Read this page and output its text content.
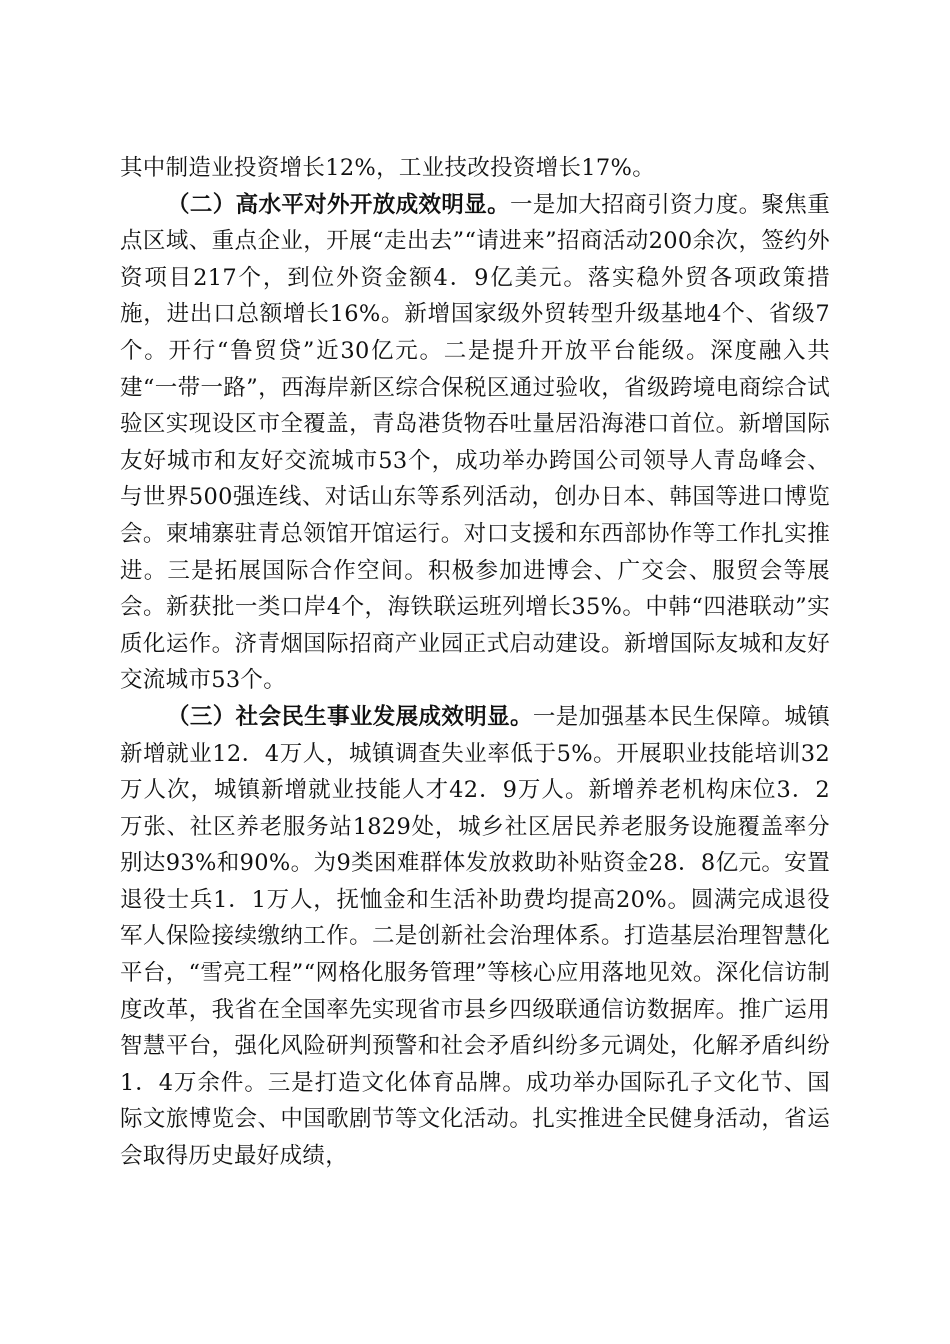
其中制造业投资增长12%，工业技改投资增长17%。

（二）高水平对外开放成效明显。一是加大招商引资力度。聚焦重点区域、重点企业，开展“走出去”“请进来”招商活动200余次，签约外资项目217个，到位外资金额4．9亿美元。落实稳外贸各项政策措施，进出口总额增长16%。新增国家级外贸转型升级基地4个、省级7个。开行“鲁贸贷”近30亿元。二是提升开放平台能级。深度融入共建“一带一路”，西海岸新区综合保税区通过验收，省级跨境电商综合试验区实现设区市全覆盖，青岛港货物吞吐量居沿海港口首位。新增国际友好城市和友好交流城市53个，成功举办跨国公司领导人青岛峰会、与世界500强连线、对话山东等系列活动，创办日本、韩国等进口博览会。柬埔寨驻青总领馆开馆运行。对口支援和东西部协作等工作扎实推进。三是拓展国际合作空间。积极参加进博会、广交会、服贸会等展会。新获批一类口岸4个，海铁联运班列增长35%。中韩“四港联动”实质化运作。济青烟国际招商产业园正式启动建设。新增国际友城和友好交流城市53个。

（三）社会民生事业发展成效明显。一是加强基本民生保障。城镇新增就业12．4万人，城镇调查失业率低于5%。开展职业技能培训32万人次，城镇新增就业技能人才42．9万人。新增养老机构床位3．2万张、社区养老服务站1829处，城乡社区居民养老服务设施覆盖率分别达93%和90%。为9类困难群体发放救助补贴资金28．8亿元。安置退役士兵1．1万人，抚恤金和生活补助费均提高20%。圆满完成退役军人保险接续缴纳工作。二是创新社会治理体系。打造基层治理智慧化平台，“雪亮工程”“网格化服务管理”等核心应用落地见效。深化信访制度改革，我省在全国率先实现省市县乡四级联通信访数据库。推广运用智慧平台，强化风险研判预警和社会矛盾纠纷多元调处，化解矛盾纠纷1．4万余件。三是打造文化体育品牌。成功举办国际孔子文化节、国际文旅博览会、中国歌剧节等文化活动。扎实推进全民健身活动，省运会取得历史最好成绩，
